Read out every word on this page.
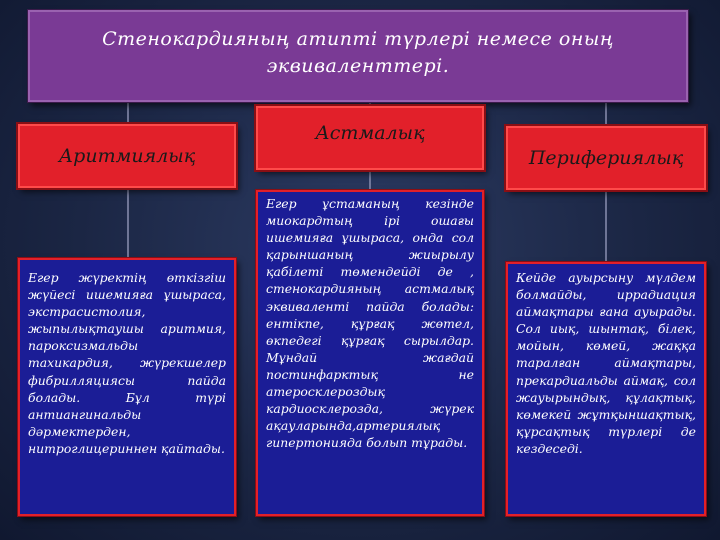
Стенокардияның атипті түрлері немесе оның
эквиваленттері.
Аритмиялық
Астмалық
Перифериялық
Егер жүректің өткізгіш жүйесі ишемияға ұшыраса, экстрасистолия, жыпылықтаушы аритмия, пароксизмальды тахикардия, жүрекшелер фибрилляциясы пайда болады. Бұл түрі антиангинальды дәрмектерден, нитроглицериннен қайтады.
Егер ұстаманың кезінде миокардтың ірі ошағы ишемияға ұшыраса, онда сол қарыншаның жиырылу қабілеті төмендейді де , стенокардияның астмалық эквиваленті пайда болады: ентікпе, құрғақ жөтел, өкпедегі құрғақ сырылдар. Мұндай жағдай постинфарктық не атеросклероздық кардиосклерозда, жүрек ақауларында,артериялық гипертонияда болып тұрады.
Кейде ауырсыну мүлдем болмайды, иррадиация аймақтары ғана ауырады. Сол иық, шынтақ, білек, мойын, көмей, жаққа таралған аймақтары, прекардиальды аймақ, сол жауырындық, құлақтық, көмекей жұтқыншақтық, құрсақтық түрлері де кездеседі.
